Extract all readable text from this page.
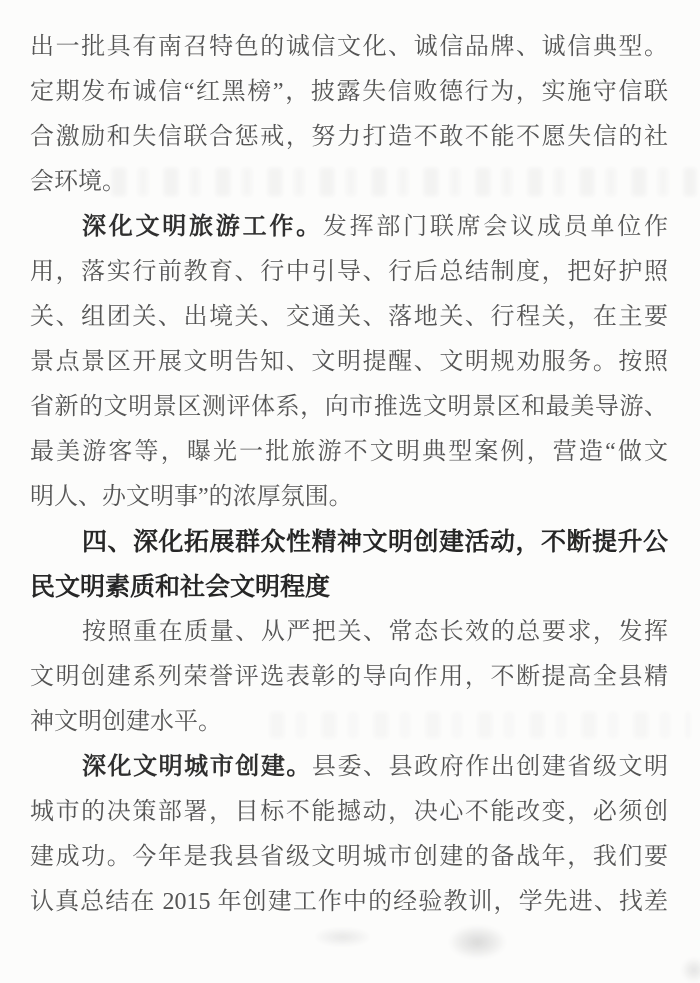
出一批具有南召特色的诚信文化、诚信品牌、诚信典型。
定期发布诚信“红黑榜”，披露失信败德行为，实施守信联
合激励和失信联合惩戒，努力打造不敢不能不愿失信的社
会环境。
深化文明旅游工作。发挥部门联席会议成员单位作
用，落实行前教育、行中引导、行后总结制度，把好护照
关、组团关、出境关、交通关、落地关、行程关，在主要
景点景区开展文明告知、文明提醒、文明规劝服务。按照
省新的文明景区测评体系，向市推选文明景区和最美导游、
最美游客等，曝光一批旅游不文明典型案例，营造“做文
明人、办文明事”的浓厚氛围。
四、深化拓展群众性精神文明创建活动，不断提升公
民文明素质和社会文明程度
按照重在质量、从严把关、常态长效的总要求，发挥
文明创建系列荣誉评选表彰的导向作用，不断提高全县精
神文明创建水平。
深化文明城市创建。县委、县政府作出创建省级文明
城市的决策部署，目标不能撼动，决心不能改变，必须创
建成功。今年是我县省级文明城市创建的备战年，我们要
认真总结在 2015 年创建工作中的经验教训，学先进、找差
